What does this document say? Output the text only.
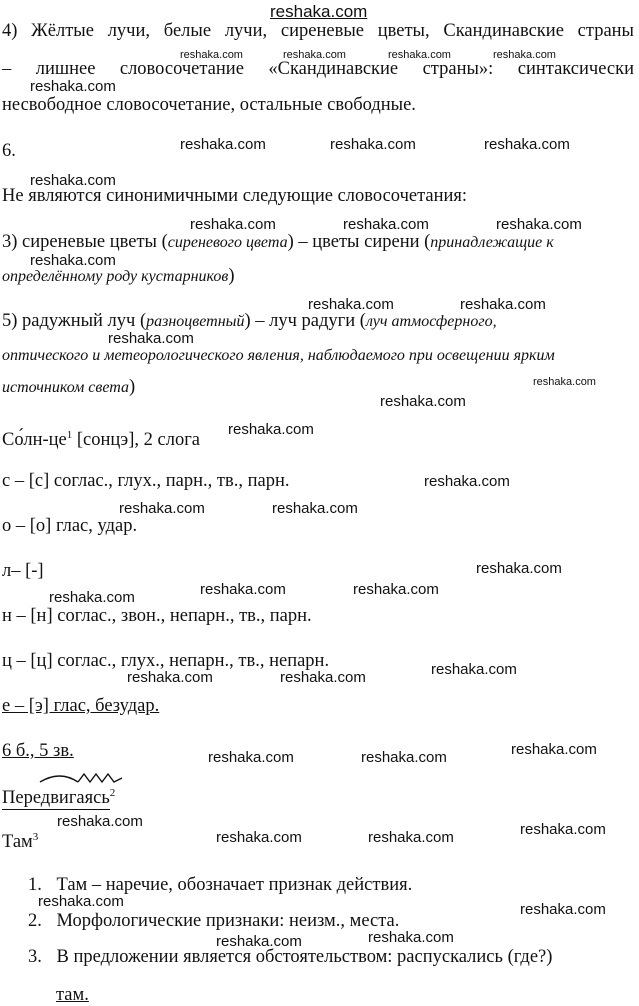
reshaka.com
4) Жёлтые лучи, белые лучи, сиреневые цветы, Скандинавские страны
– лишнее словосочетание «Скандинавские страны»: синтаксически
несвободное словосочетание, остальные свободные.
6.
Не являются синонимичными следующие словосочетания:
3) сиреневые цветы (сиреневого цвета) – цветы сирени (принадлежащие к
определённому роду кустарников)
5) радужный луч (разноцветный) – луч радуги (луч атмосферного,
оптического и метеорологического явления, наблюдаемого при освещении ярким
источником света)
$Со́лн-це^1$ [сонцэ], 2 слога
с – [с] соглас., глух., парн., тв., парн.
о – [о] глас, удар.
л– [-]
н – [н] соглас., звон., непарн., тв., парн.
ц – [ц] соглас., глух., непарн., тв., непарн.
е – [э] глас, безудар.
6 б., 5 зв.
Передвигаясь$^2$
Там$^3$
1. Там – наречие, обозначает признак действия.
2. Морфологические признаки: неизм., места.
3. В предложении является обстоятельством: распускались (где?)
там.
reshaka.com	reshaka.com	reshaka.com	reshaka.com
reshaka.com
reshaka.com	reshaka.com	reshaka.com
reshaka.com
reshaka.com	reshaka.com	reshaka.com
reshaka.com
reshaka.com	reshaka.com
reshaka.com
reshaka.com
reshaka.com
reshaka.com
reshaka.com
reshaka.com	reshaka.com
reshaka.com
reshaka.com	reshaka.com
reshaka.com
reshaka.com
reshaka.com	reshaka.com
reshaka.com
reshaka.com	reshaka.com
reshaka.com	reshaka.com
reshaka.com	reshaka.com
reshaka.com	reshaka.com
reshaka.com	reshaka.com
